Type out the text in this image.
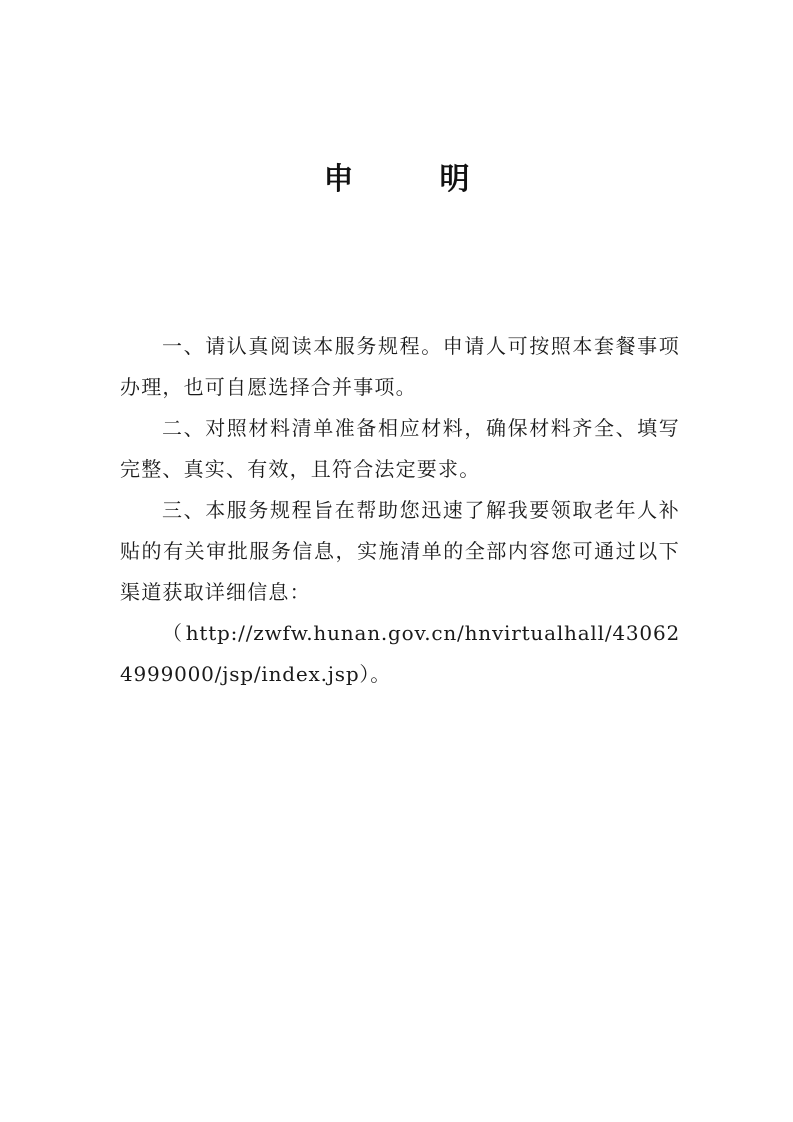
申　明

一、请认真阅读本服务规程。申请人可按照本套餐事项办理，也可自愿选择合并事项。

二、对照材料清单准备相应材料，确保材料齐全、填写完整、真实、有效，且符合法定要求。

三、本服务规程旨在帮助您迅速了解我要领取老年人补贴的有关审批服务信息，实施清单的全部内容您可通过以下渠道获取详细信息：

（http://zwfw.hunan.gov.cn/hnvirtualhall/430624999000/jsp/index.jsp）。
